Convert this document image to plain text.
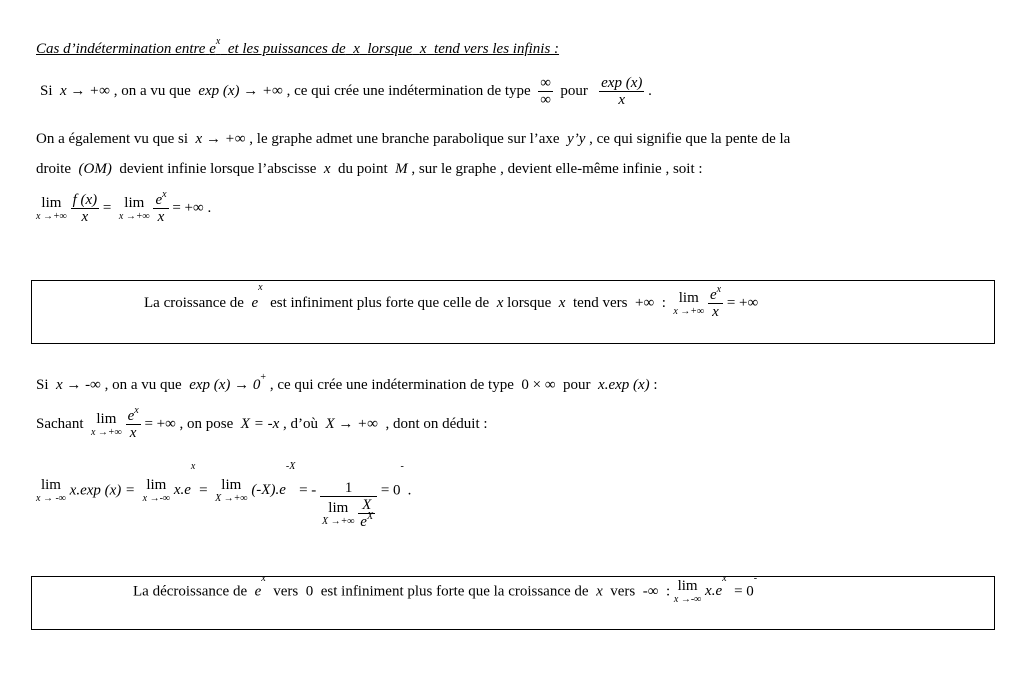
Cas d’indétermination entre $e^x$ et les puissances de x lorsque x tend vers les infinis :
Si x → +∞ , on a vu que exp (x) → +∞ , ce qui crée une indétermination de type $\frac{\infty}{\infty}$ pour $\frac{\exp (x)}{x}$ .
On a également vu que si x → +∞ , le graphe admet une branche parabolique sur l’axe y’y , ce qui signifie que la pente de la
droite (OM) devient infinie lorsque l’abscisse x du point M , sur le graphe , devient elle-même infinie , soit :
lim
x →+∞
$\frac{f (x)}{x} = \lim$
x →+∞
$\frac{e^x}{x}$ = +∞ .
La croissance de $e^x$  est infiniment plus forte que celle de x lorsque x tend vers +∞ : lim
x →+∞
$\frac{e^x}{x}$ = +∞
Si x → -∞ , on a vu que exp (x) → 0+ , ce qui crée une indétermination de type 0 × ∞ pour x.exp (x) :
Sachant lim
x →+∞
$\frac{e^x}{x}$ = +∞ , on pose X = -x , d’où X → +∞ , dont on déduit :
lim
x → -∞
x.exp (x) = lim
x →-∞
$x.e^x = \lim$
X →+∞
$(-X).e^{-X}$ = - 1
lim
X →+∞
$\frac{X}{e^X} = 0^-$ .
La décroissance de $e^x$  vers 0 est infiniment plus forte que la croissance de x vers -∞ : lim
x →-∞
$x.e^x = 0^-$
